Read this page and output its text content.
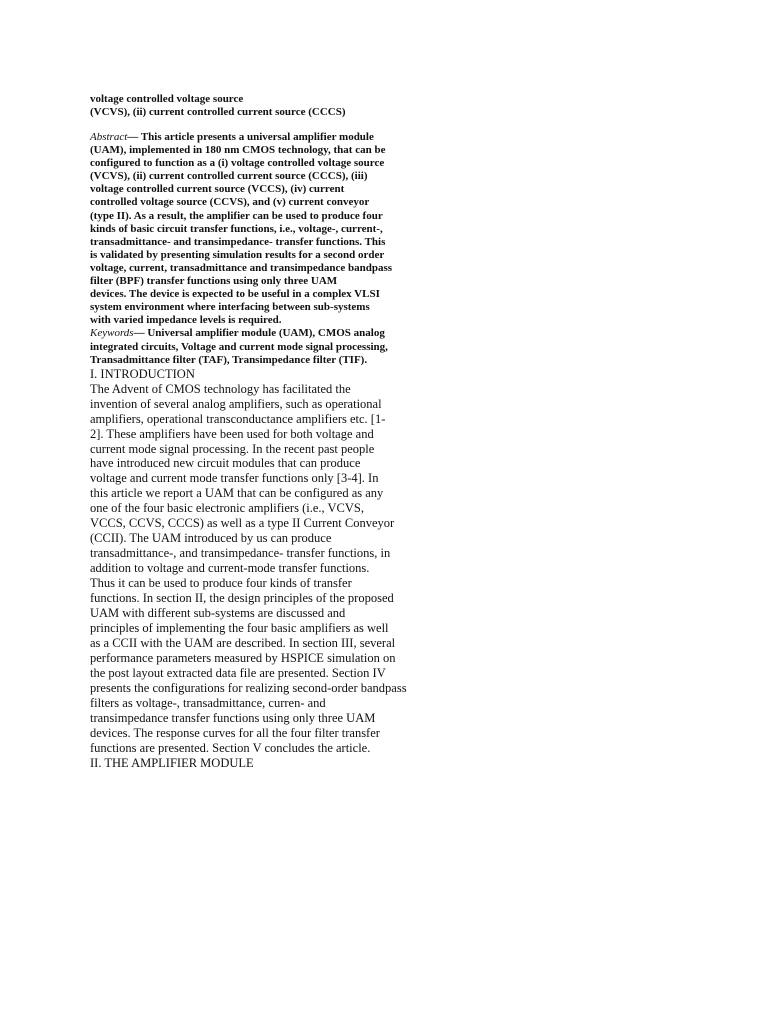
voltage controlled voltage source
(VCVS), (ii) current controlled current source (CCCS)
Abstract— This article presents a universal amplifier module
(UAM), implemented in 180 nm CMOS technology, that can be
configured to function as a (i) voltage controlled voltage source
(VCVS), (ii) current controlled current source (CCCS), (iii)
voltage controlled current source (VCCS), (iv) current
controlled voltage source (CCVS), and (v) current conveyor
(type II). As a result, the amplifier can be used to produce four
kinds of basic circuit transfer functions, i.e., voltage-, current-,
transadmittance- and transimpedance- transfer functions. This
is validated by presenting simulation results for a second order
voltage, current, transadmittance and transimpedance bandpass
filter (BPF) transfer functions using only three UAM
devices. The device is expected to be useful in a complex VLSI
system environment where interfacing between sub-systems
with varied impedance levels is required.
Keywords— Universal amplifier module (UAM), CMOS analog
integrated circuits, Voltage and current mode signal processing,
Transadmittance filter (TAF), Transimpedance filter (TIF).
I. INTRODUCTION
The Advent of CMOS technology has facilitated the
invention of several analog amplifiers, such as operational
amplifiers, operational transconductance amplifiers etc. [1-
2]. These amplifiers have been used for both voltage and
current mode signal processing. In the recent past people
have introduced new circuit modules that can produce
voltage and current mode transfer functions only [3-4]. In
this article we report a UAM that can be configured as any
one of the four basic electronic amplifiers (i.e., VCVS,
VCCS, CCVS, CCCS) as well as a type II Current Conveyor
(CCII). The UAM introduced by us can produce
transadmittance-, and transimpedance- transfer functions, in
addition to voltage and current-mode transfer functions.
Thus it can be used to produce four kinds of transfer
functions. In section II, the design principles of the proposed
UAM with different sub-systems are discussed and
principles of implementing the four basic amplifiers as well
as a CCII with the UAM are described. In section III, several
performance parameters measured by HSPICE simulation on
the post layout extracted data file are presented. Section IV
presents the configurations for realizing second-order bandpass
filters as voltage-, transadmittance, curren- and
transimpedance transfer functions using only three UAM
devices. The response curves for all the four filter transfer
functions are presented. Section V concludes the article.
II. THE AMPLIFIER MODULE
